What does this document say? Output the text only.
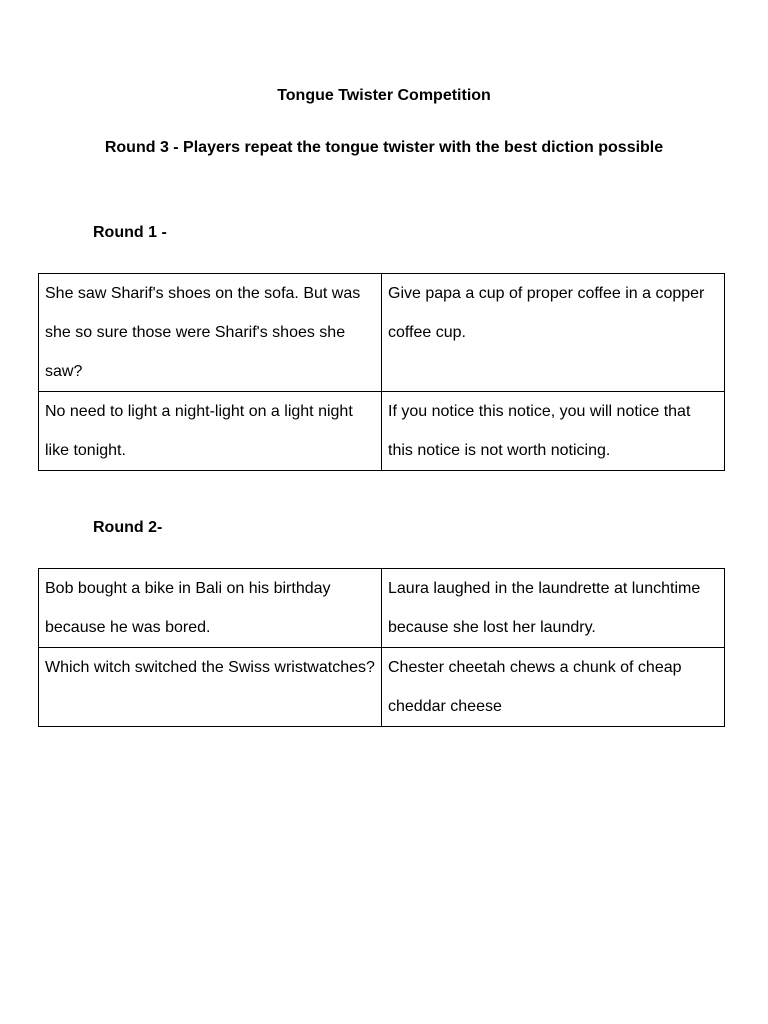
Tongue Twister Competition

Round 3 - Players repeat the tongue twister with the best diction possible

Round 1 -

She saw Sharif's shoes on the sofa. But was she so sure those were Sharif's shoes she saw?	Give papa a cup of proper coffee in a copper coffee cup.
No need to light a night-light on a light night like tonight.	If you notice this notice, you will notice that this notice is not worth noticing.

Round 2-

Bob bought a bike in Bali on his birthday because he was bored.	Laura laughed in the laundrette at lunchtime because she lost her laundry.
Which witch switched the Swiss wristwatches?	Chester cheetah chews a chunk of cheap cheddar cheese
